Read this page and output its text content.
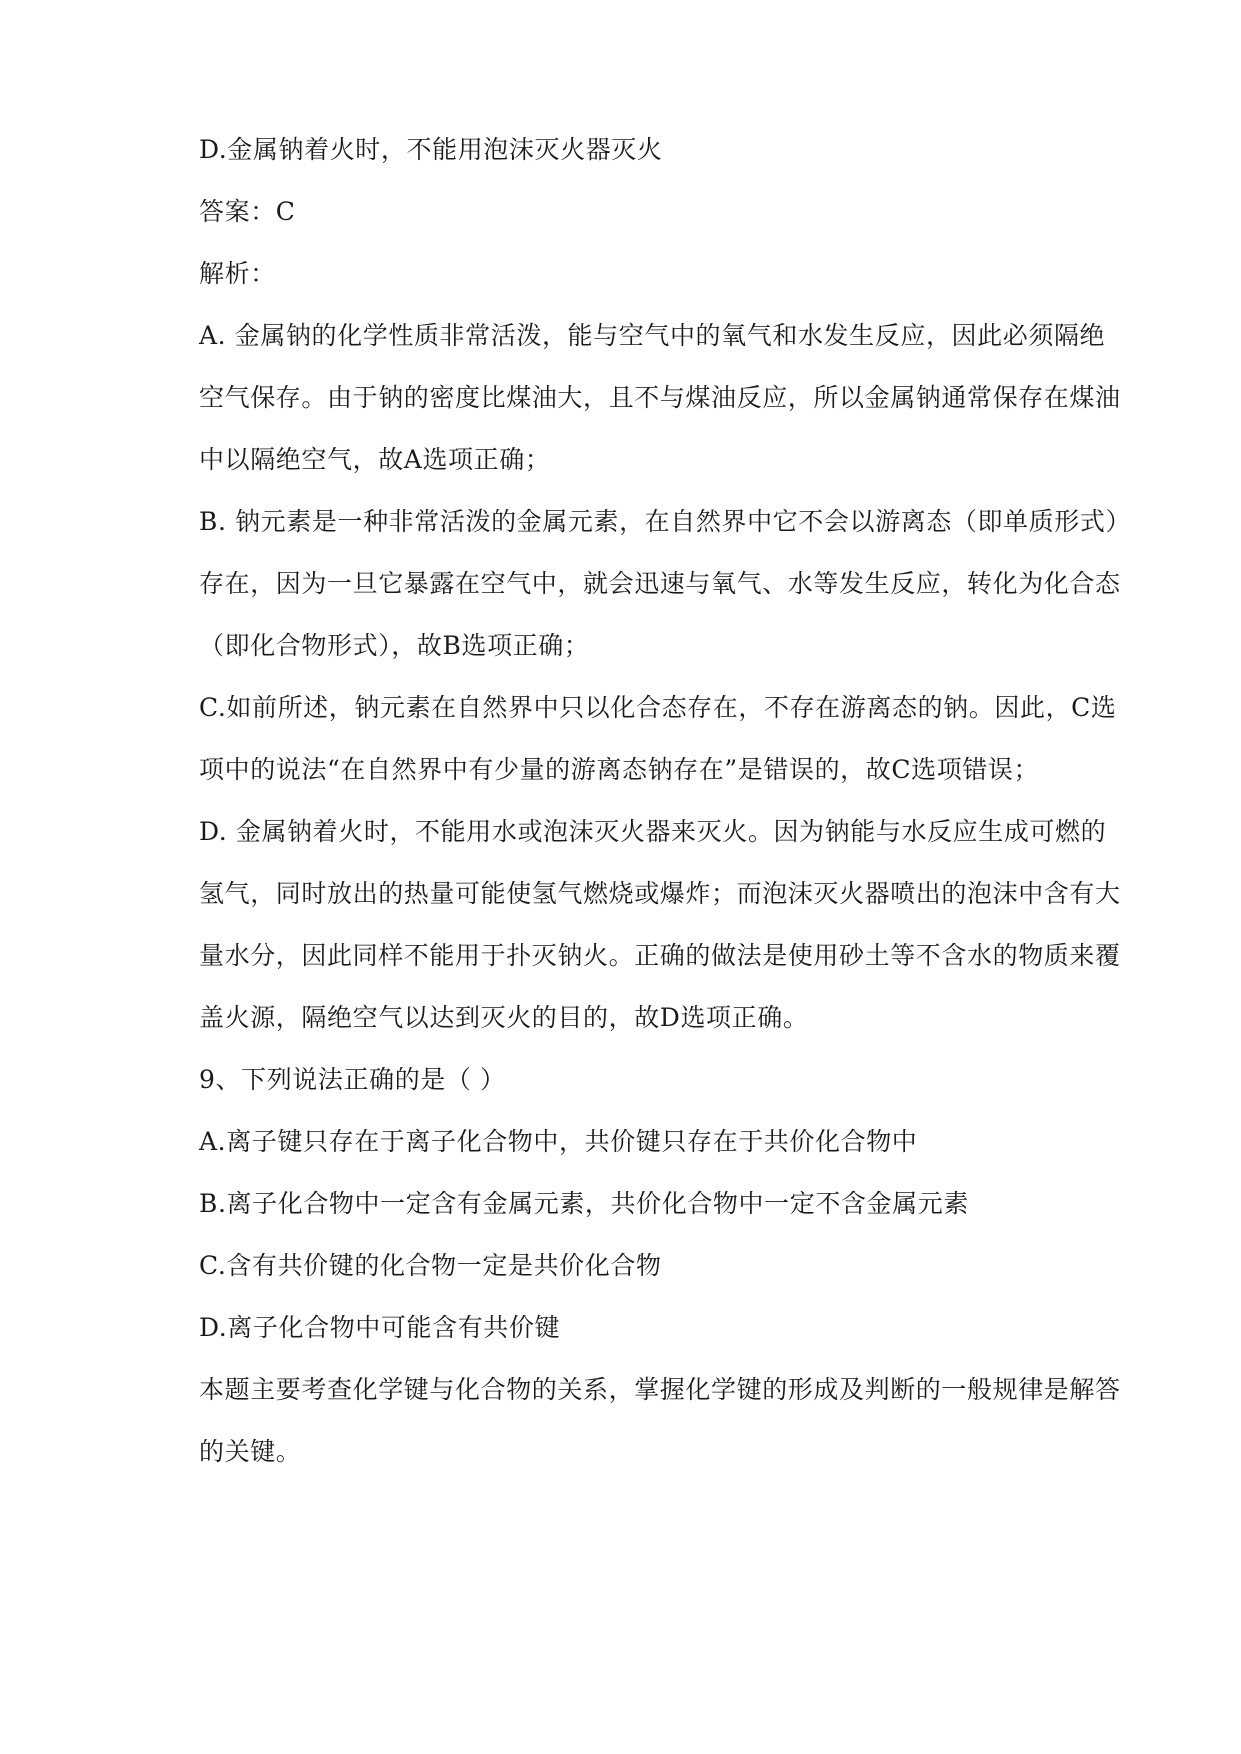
D.金属钠着火时，不能用泡沫灭火器灭火
答案：C
解析：
A. 金属钠的化学性质非常活泼，能与空气中的氧气和水发生反应，因此必须隔绝
空气保存。由于钠的密度比煤油大，且不与煤油反应，所以金属钠通常保存在煤油
中以隔绝空气，故A选项正确；
B. 钠元素是一种非常活泼的金属元素，在自然界中它不会以游离态（即单质形式）
存在，因为一旦它暴露在空气中，就会迅速与氧气、水等发生反应，转化为化合态
（即化合物形式），故B选项正确；
C.如前所述，钠元素在自然界中只以化合态存在，不存在游离态的钠。因此，C选
项中的说法“在自然界中有少量的游离态钠存在”是错误的，故C选项错误；
D. 金属钠着火时，不能用水或泡沫灭火器来灭火。因为钠能与水反应生成可燃的
氢气，同时放出的热量可能使氢气燃烧或爆炸；而泡沫灭火器喷出的泡沫中含有大
量水分，因此同样不能用于扑灭钠火。正确的做法是使用砂土等不含水的物质来覆
盖火源，隔绝空气以达到灭火的目的，故D选项正确。
9、下列说法正确的是（ ）
A.离子键只存在于离子化合物中，共价键只存在于共价化合物中
B.离子化合物中一定含有金属元素，共价化合物中一定不含金属元素
C.含有共价键的化合物一定是共价化合物
D.离子化合物中可能含有共价键
本题主要考查化学键与化合物的关系，掌握化学键的形成及判断的一般规律是解答
的关键。
